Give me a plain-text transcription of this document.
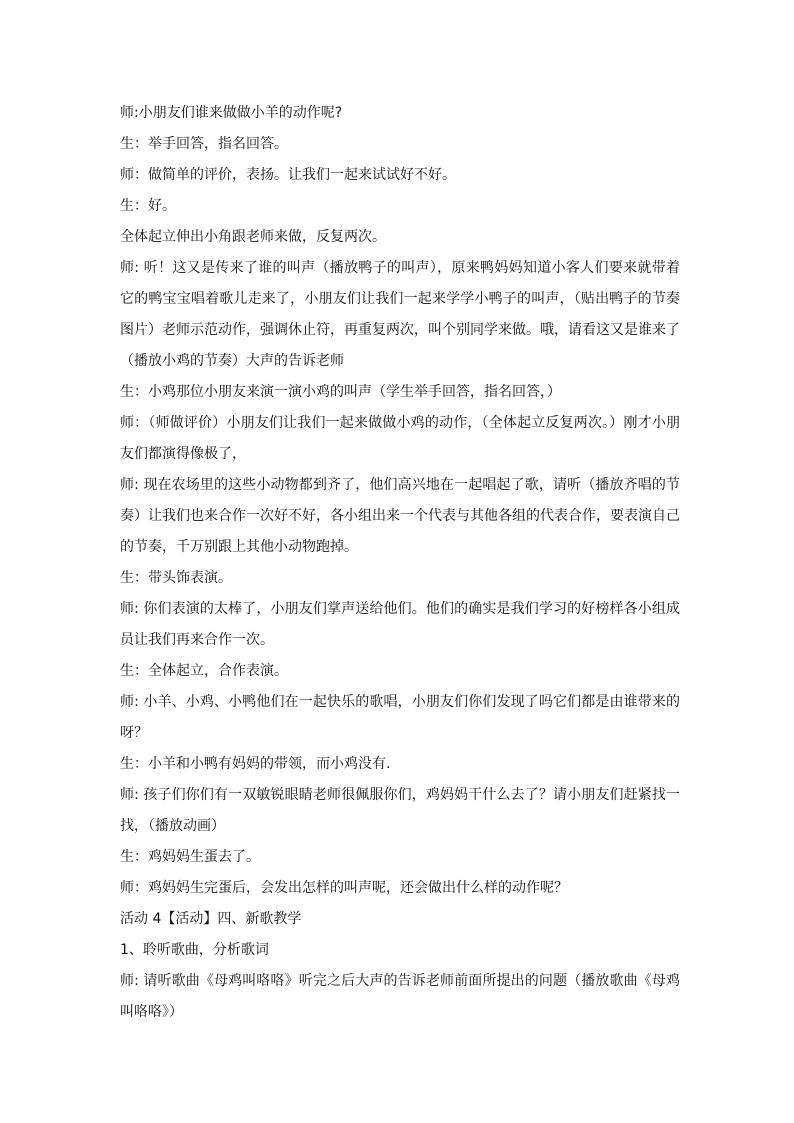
师:小朋友们谁来做做小羊的动作呢?

生：举手回答，指名回答。

师：做简单的评价，表扬。让我们一起来试试好不好。

生：好。

全体起立伸出小角跟老师来做，反复两次。

师: 听！这又是传来了谁的叫声（播放鸭子的叫声），原来鸭妈妈知道小客人们要来就带着它的鸭宝宝唱着歌儿走来了，小朋友们让我们一起来学学小鸭子的叫声，（贴出鸭子的节奏图片）老师示范动作，强调休止符，再重复两次，叫个别同学来做。哦，请看这又是谁来了（播放小鸡的节奏）大声的告诉老师

生：小鸡那位小朋友来演一演小鸡的叫声（学生举手回答，指名回答，）

师：（师做评价）小朋友们让我们一起来做做小鸡的动作，（全体起立反复两次。）刚才小朋友们都演得像极了，

师: 现在农场里的这些小动物都到齐了，他们高兴地在一起唱起了歌，请听（播放齐唱的节奏）让我们也来合作一次好不好，各小组出来一个代表与其他各组的代表合作，要表演自己的节奏，千万别跟上其他小动物跑掉。

生：带头饰表演。

师: 你们表演的太棒了，小朋友们掌声送给他们。他们的确实是我们学习的好榜样各小组成员让我们再来合作一次。

生：全体起立，合作表演。

师: 小羊、小鸡、小鸭他们在一起快乐的歌唱，小朋友们你们发现了吗它们都是由谁带来的呀？

生：小羊和小鸭有妈妈的带领，而小鸡没有.

师: 孩子们你们有一双敏锐眼睛老师很佩服你们，鸡妈妈干什么去了？请小朋友们赶紧找一找，（播放动画）

生：鸡妈妈生蛋去了。

师：鸡妈妈生完蛋后，会发出怎样的叫声呢，还会做出什么样的动作呢？

活动 4【活动】四、新歌教学

1、聆听歌曲，分析歌词

师: 请听歌曲《母鸡叫咯咯》听完之后大声的告诉老师前面所提出的问题（播放歌曲《母鸡叫咯咯》）
